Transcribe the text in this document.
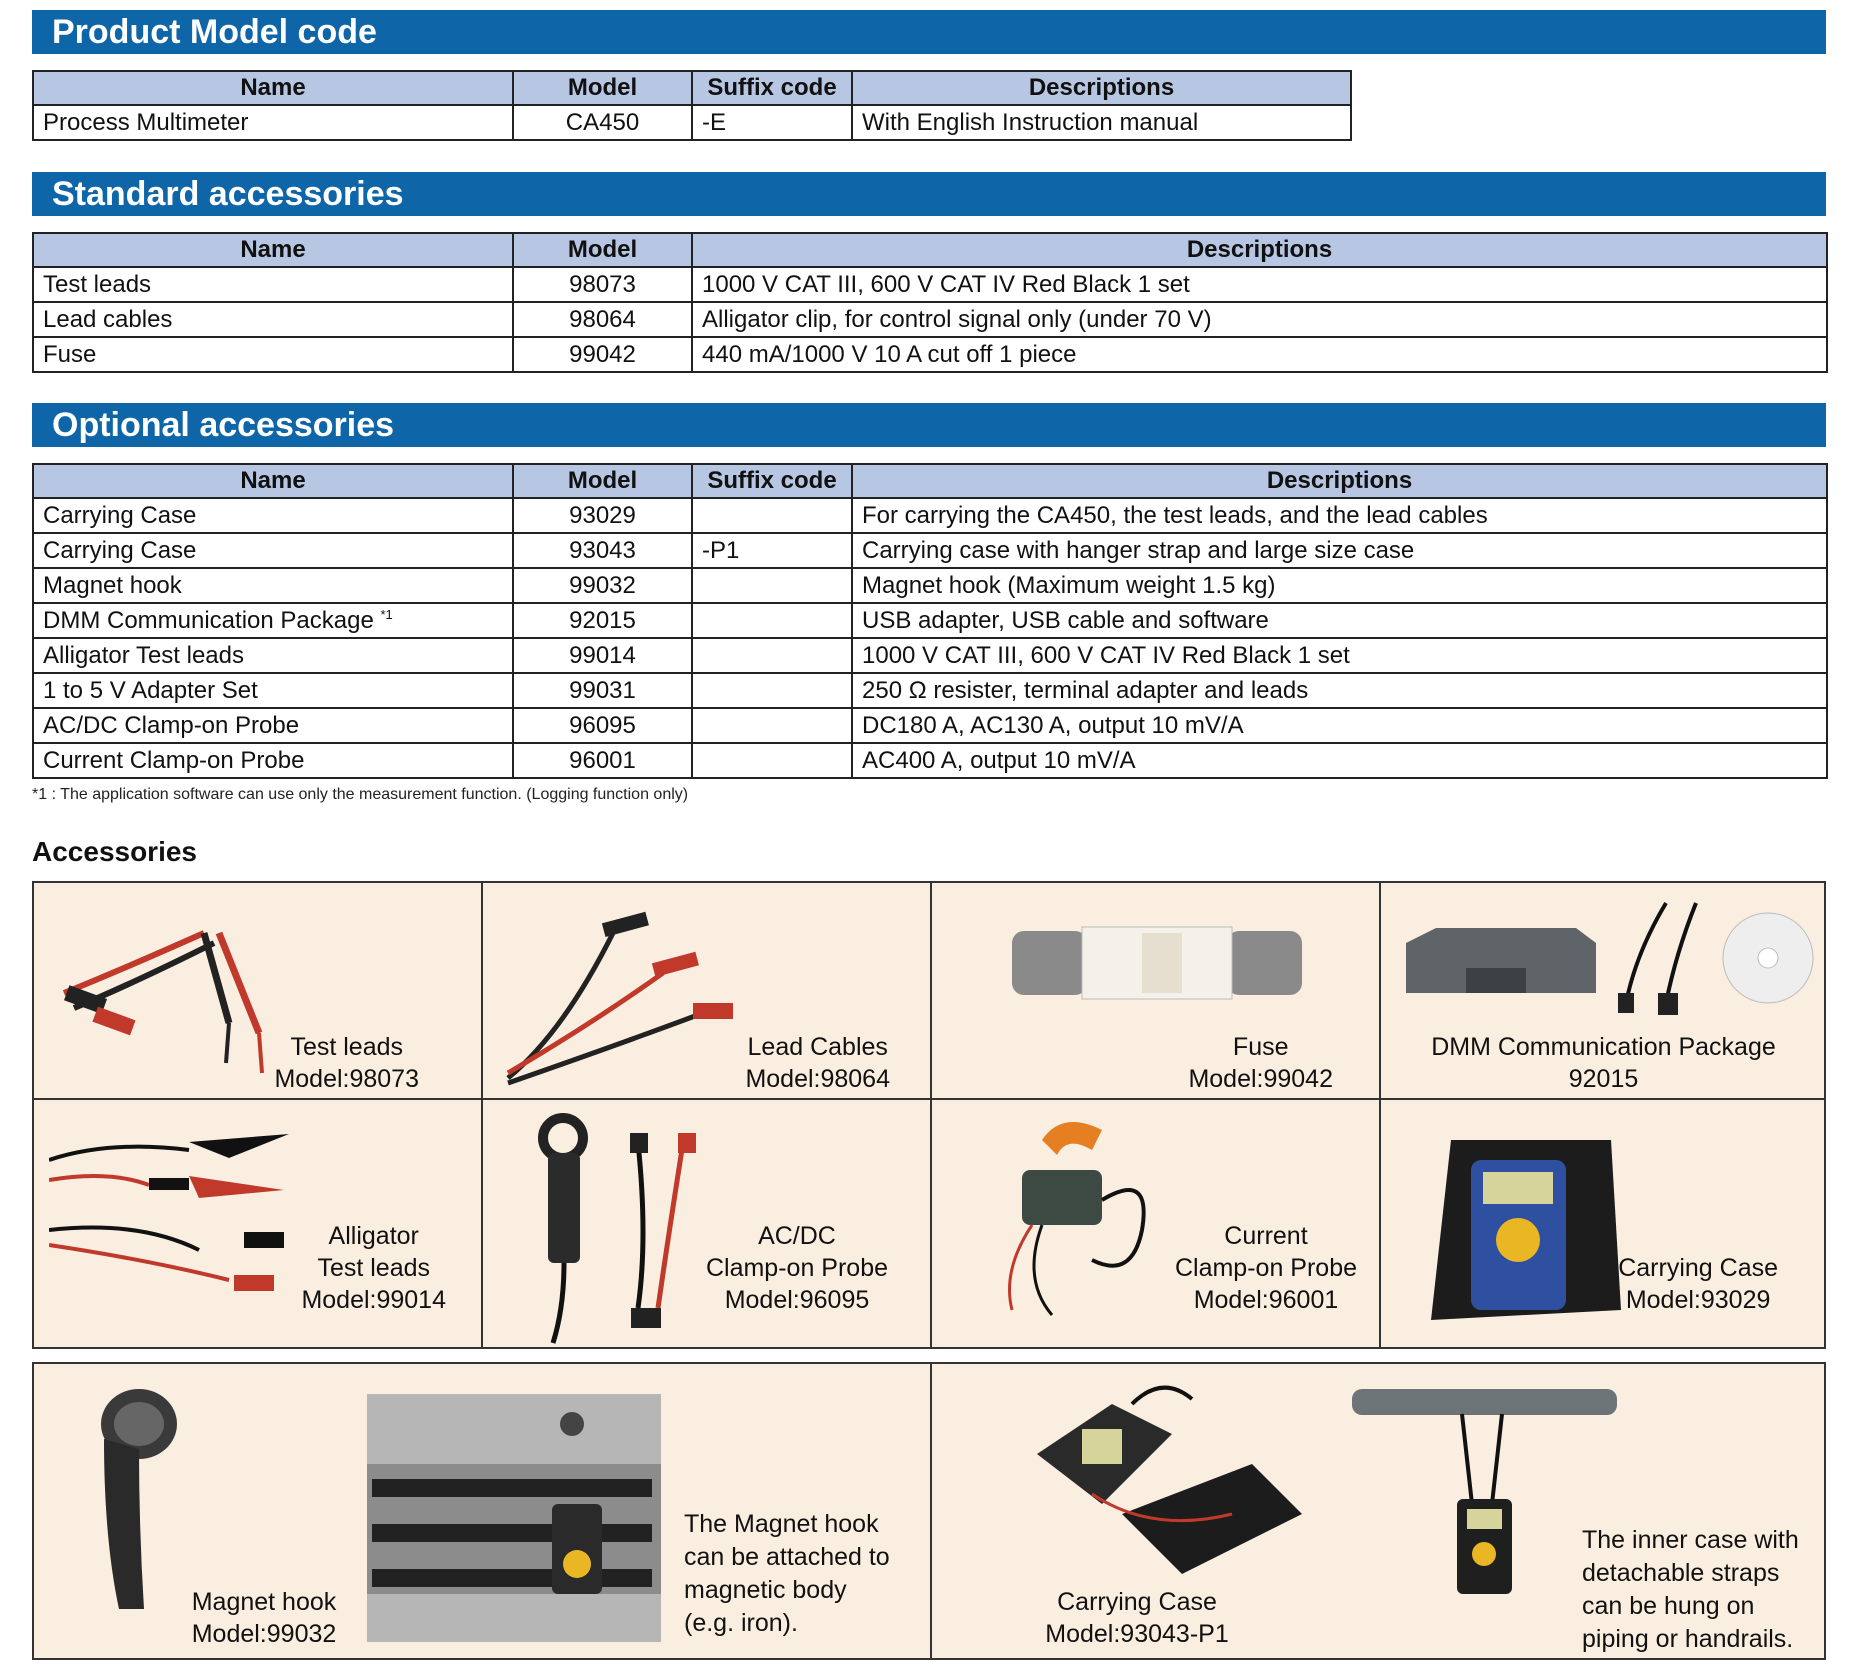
Product Model code
Name	Model	Suffix code	Descriptions
Process Multimeter	CA450	-E	With English Instruction manual
Standard accessories
Name	Model	Descriptions
Test leads	98073	1000 V CAT III, 600 V CAT IV Red Black 1 set
Lead cables	98064	Alligator clip, for control signal only (under 70 V)
Fuse	99042	440 mA/1000 V 10 A cut off 1 piece
Optional accessories
Name	Model	Suffix code	Descriptions
Carrying Case	93029		For carrying the CA450, the test leads, and the lead cables
Carrying Case	93043	-P1	Carrying case with hanger strap and large size case
Magnet hook	99032		Magnet hook (Maximum weight 1.5 kg)
DMM Communication Package $^{*1}$	92015		USB adapter, USB cable and software
Alligator Test leads	99014		1000 V CAT III, 600 V CAT IV Red Black 1 set
1 to 5 V Adapter Set	99031		250 Ω resister, terminal adapter and leads
AC/DC Clamp-on Probe	96095		DC180 A, AC130 A, output 10 mV/A
Current Clamp-on Probe	96001		AC400 A, output 10 mV/A
*1 : The application software can use only the measurement function. (Logging function only)
Accessories
Test leads
Model:98073
Lead Cables
Model:98064
Fuse
Model:99042
DMM Communication Package
92015
Alligator
Test leads
Model:99014
AC/DC
Clamp-on Probe
Model:96095
Current
Clamp-on Probe
Model:96001
Carrying Case
Model:93029
Magnet hook
Model:99032
The Magnet hook
can be attached to
magnetic body
(e.g. iron).
Carrying Case
Model:93043-P1
The inner case with
detachable straps
can be hung on
piping or handrails.
